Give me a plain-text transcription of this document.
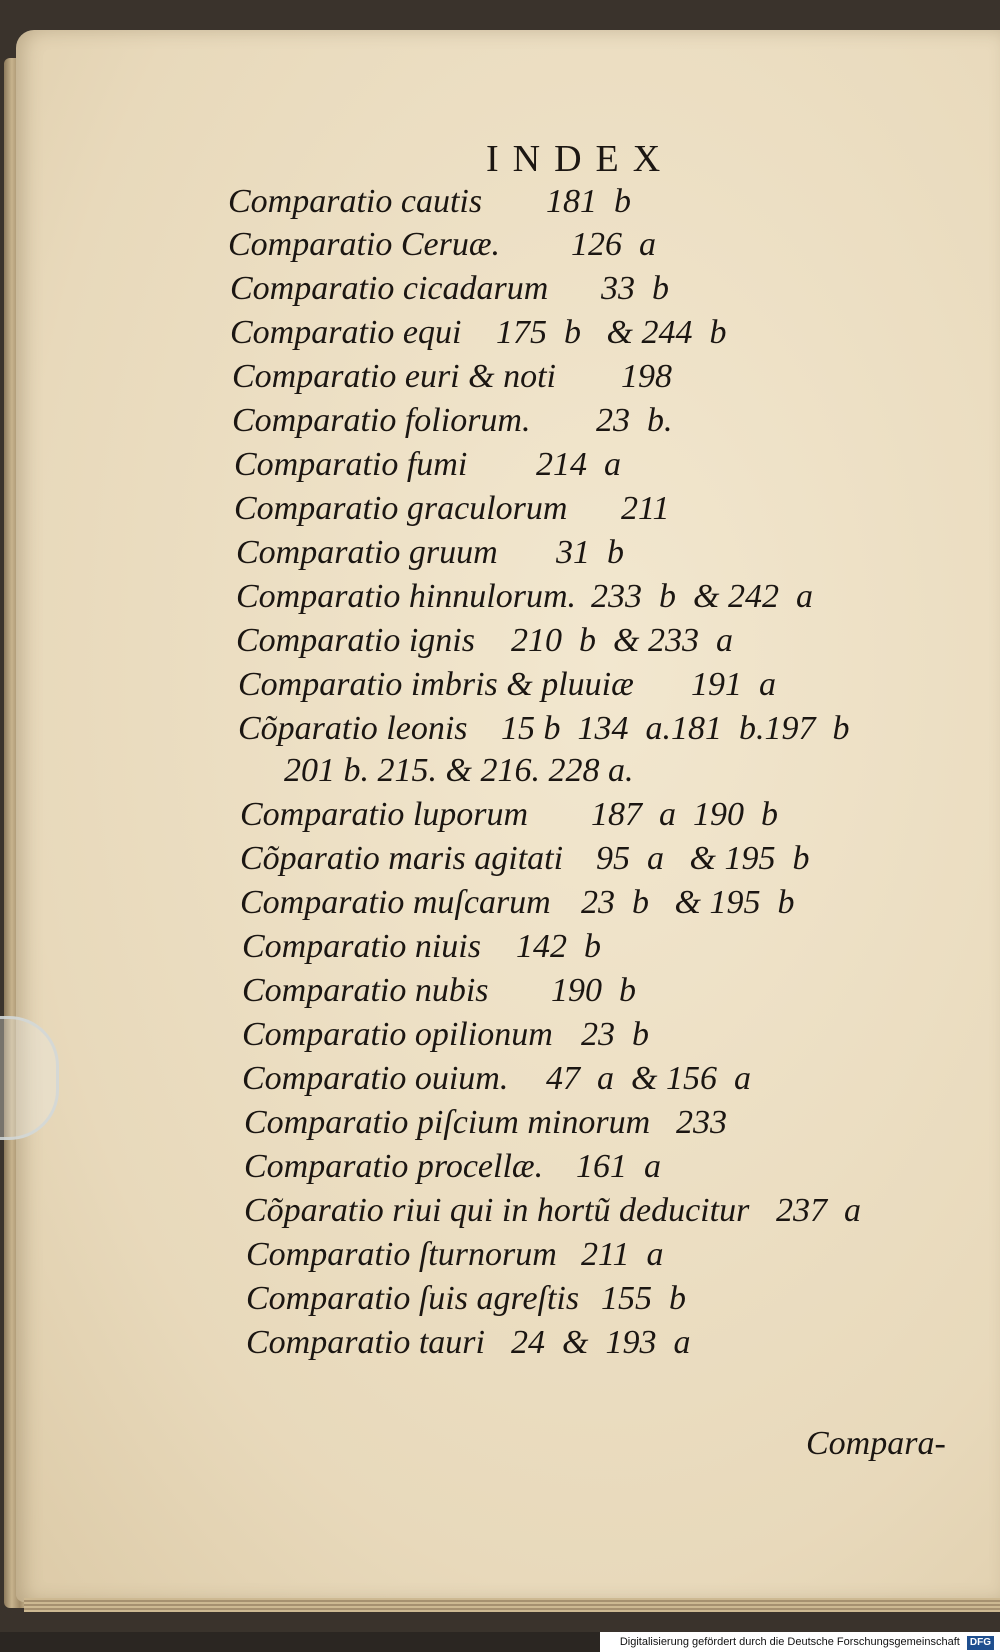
INDEX
Comparatio cautis 181  b
Comparatio Ceruæ. 126  a
Comparatio cicadarum 33  b
Comparatio equi 175  b   & 244  b
Comparatio euri & noti 198
Comparatio foliorum. 23  b.
Comparatio fumi 214  a
Comparatio graculorum 211
Comparatio gruum 31  b
Comparatio hinnulorum. 233  b  & 242  a
Comparatio ignis 210  b  & 233  a
Comparatio imbris & pluuiæ 191  a
Cõparatio leonis 15 b  134  a.181  b.197  b
201 b. 215. & 216. 228 a.
Comparatio luporum 187  a  190  b
Cõparatio maris agitati 95  a   & 195  b
Comparatio muſcarum 23  b   & 195  b
Comparatio niuis 142  b
Comparatio nubis 190  b
Comparatio opilionum 23  b
Comparatio ouium. 47  a  & 156  a
Comparatio piſcium minorum 233
Comparatio procellæ. 161  a
Cõparatio riui qui in hortũ deducitur 237  a
Comparatio ſturnorum 211  a
Comparatio ſuis agreſtis 155  b
Comparatio tauri 24  &  193  a
Compara-
Digitalisierung gefördert durch die Deutsche Forschungsgemeinschaft DFG
